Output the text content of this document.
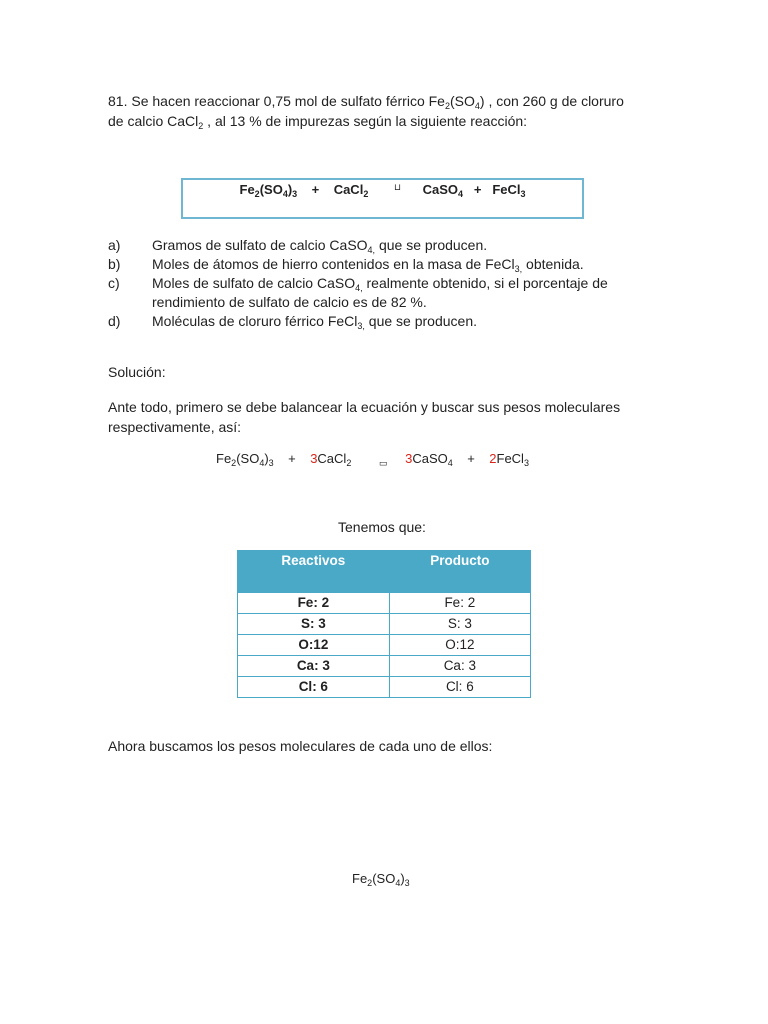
81. Se hacen reaccionar 0,75 mol de sulfato férrico $Fe_2(SO_4)$ , con 260 g de cloruro
de calcio CaCl$_2$ , al 13 % de impurezas según la siguiente reacción:
$Fe_2(SO_4)_3$ + CaCl$_2$ ⊔ CaSO$_4$ + FeCl$_3$
a)	Gramos de sulfato de calcio CaSO$_{4,}$ que se producen.
b)	Moles de átomos de hierro contenidos en la masa de FeCl$_{3,}$ obtenida.
c)	Moles de sulfato de calcio CaSO$_{4,}$ realmente obtenido, si el porcentaje de rendimiento de sulfato de calcio es de 82 %.
d)	Moléculas de cloruro férrico FeCl$_{3,}$ que se producen.
Solución:
Ante todo, primero se debe balancear la ecuación y buscar sus pesos moleculares
respectivamente, así:
$Fe_2(SO_4)_3$ + 3CaCl$_2$	▭ 3CaSO$_4$ + 2FeCl$_3$
Tenemos que:
Reactivos	Producto
Fe: 2	Fe: 2
S: 3	S: 3
O:12	O:12
Ca: 3	Ca: 3
Cl: 6	Cl: 6
Ahora buscamos los pesos moleculares de cada uno de ellos:
$Fe_2(SO_4)_3$
